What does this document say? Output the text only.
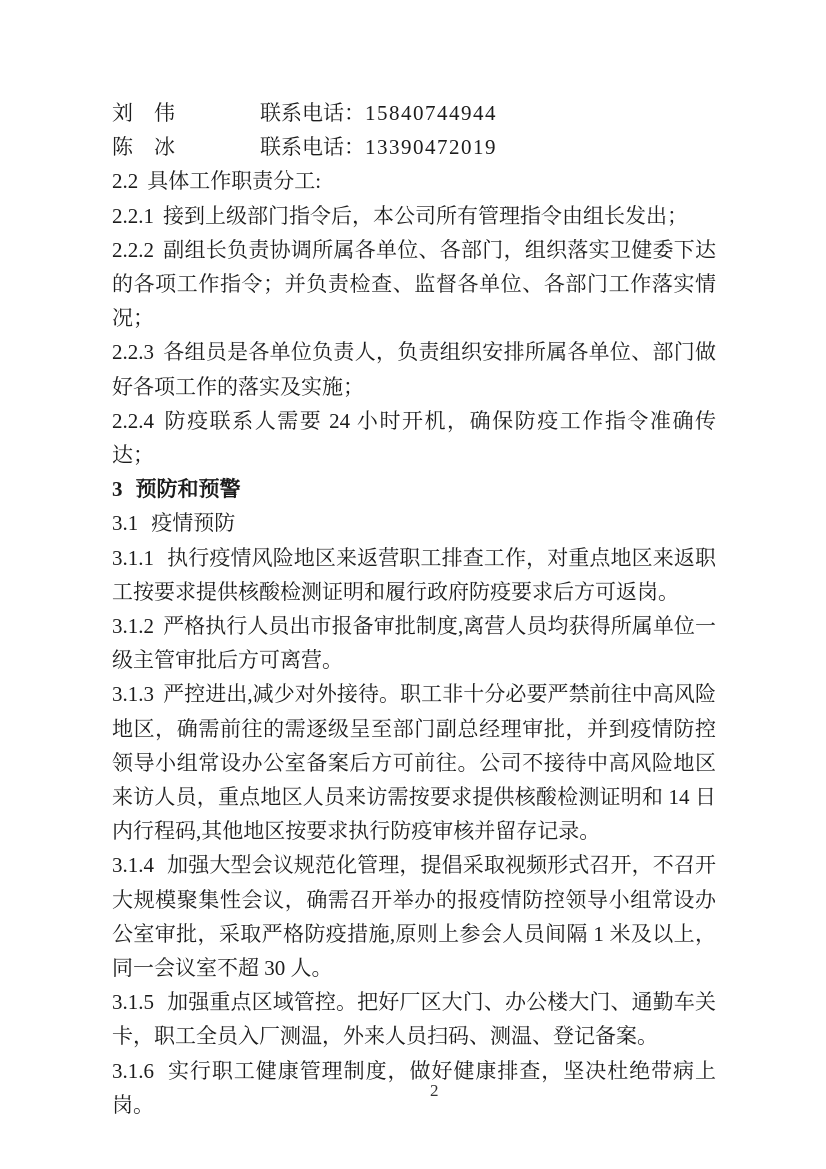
刘　伟	联系电话：15840744944

陈　冰	联系电话：13390472019

2.2 具体工作职责分工:

2.2.1 接到上级部门指令后，本公司所有管理指令由组长发出；

2.2.2 副组长负责协调所属各单位、各部门，组织落实卫健委下达的各项工作指令；并负责检查、监督各单位、各部门工作落实情况；

2.2.3 各组员是各单位负责人，负责组织安排所属各单位、部门做好各项工作的落实及实施；

2.2.4 防疫联系人需要 24 小时开机，确保防疫工作指令准确传达；

3 预防和预警

3.1 疫情预防

3.1.1 执行疫情风险地区来返营职工排查工作，对重点地区来返职工按要求提供核酸检测证明和履行政府防疫要求后方可返岗。

3.1.2 严格执行人员出市报备审批制度,离营人员均获得所属单位一级主管审批后方可离营。

3.1.3 严控进出,减少对外接待。职工非十分必要严禁前往中高风险地区，确需前往的需逐级呈至部门副总经理审批，并到疫情防控领导小组常设办公室备案后方可前往。公司不接待中高风险地区来访人员，重点地区人员来访需按要求提供核酸检测证明和 14 日内行程码,其他地区按要求执行防疫审核并留存记录。

3.1.4 加强大型会议规范化管理，提倡采取视频形式召开，不召开大规模聚集性会议，确需召开举办的报疫情防控领导小组常设办公室审批，采取严格防疫措施,原则上参会人员间隔 1 米及以上，同一会议室不超 30 人。

3.1.5 加强重点区域管控。把好厂区大门、办公楼大门、通勤车关卡，职工全员入厂测温，外来人员扫码、测温、登记备案。

3.1.6 实行职工健康管理制度，做好健康排查，坚决杜绝带病上岗。

2
